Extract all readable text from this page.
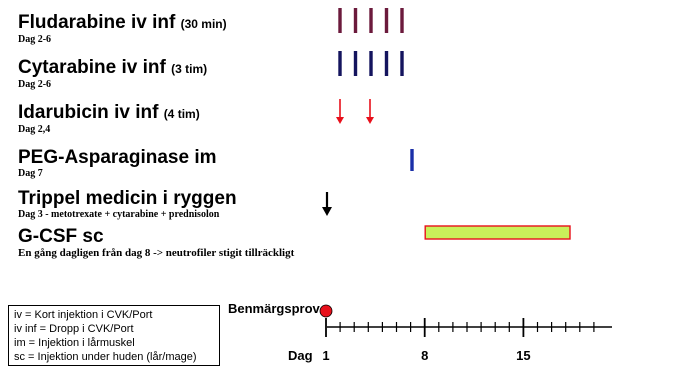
Fludarabine iv inf (30 min)
Dag 2-6
Cytarabine iv inf (3 tim)
Dag 2-6
Idarubicin iv inf (4 tim)
Dag 2,4
PEG-Asparaginase im
Dag 7
Trippel medicin i ryggen
Dag 3 - metotrexate + cytarabine + prednisolon
G-CSF sc
En gång dagligen från dag 8 -> neutrofiler stigit tillräckligt
1	8	15
Dag
Benmärgsprov
iv = Kort injektion i CVK/Port
iv inf = Dropp i CVK/Port
im = Injektion i lårmuskel
sc = Injektion under huden (lår/mage)
